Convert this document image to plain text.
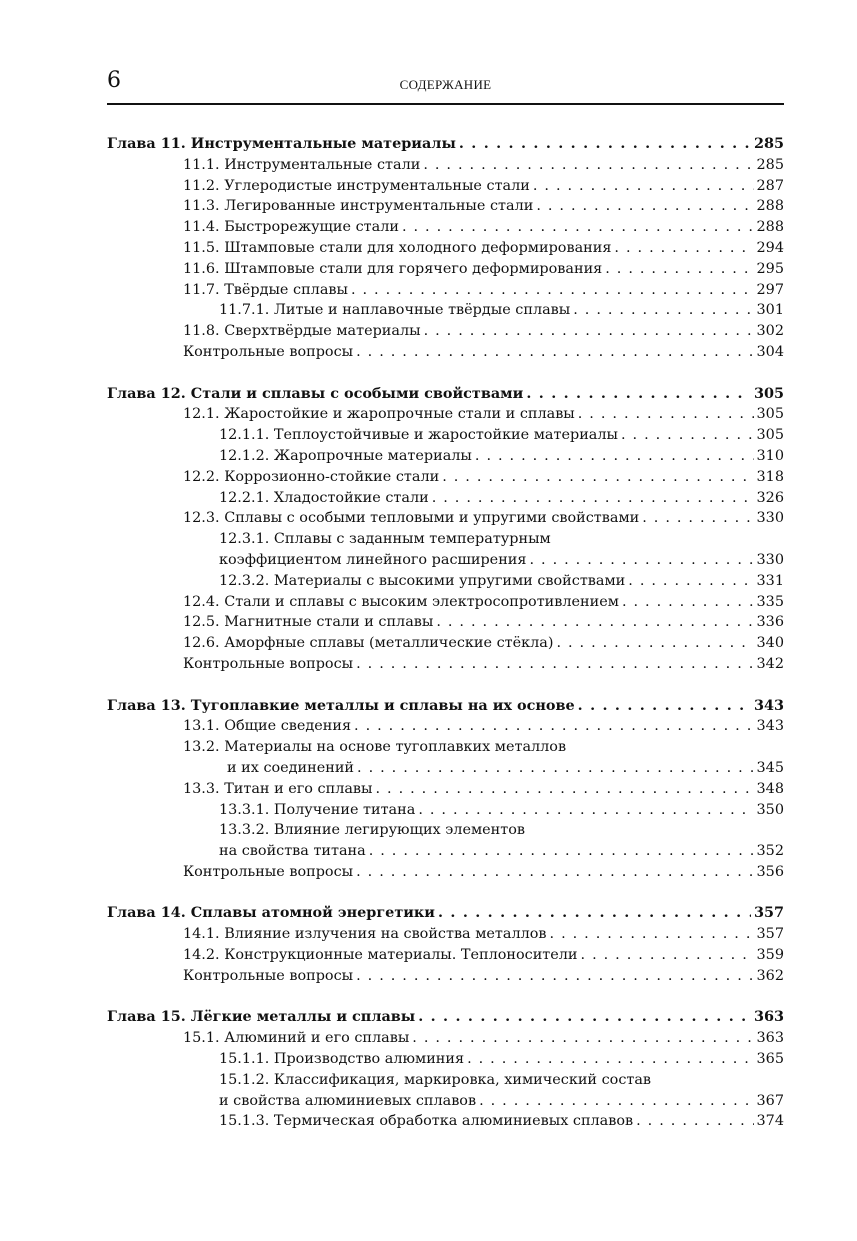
6	СОДЕРЖАНИЕ
Глава 11. Инструментальные материалы . . .	285
11.1. Инструментальные стали . . .	285
11.2. Углеродистые инструментальные стали . . .	287
11.3. Легированные инструментальные стали . . .	288
11.4. Быстрорежущие стали . . .	288
11.5. Штамповые стали для холодного деформирования . . .	294
11.6. Штамповые стали для горячего деформирования . . .	295
11.7. Твёрдые сплавы . . .	297
11.7.1. Литые и наплавочные твёрдые сплавы . . .	301
11.8. Сверхтвёрдые материалы . . .	302
Контрольные вопросы . . .	304
Глава 12. Стали и сплавы с особыми свойствами . . .	305
12.1. Жаростойкие и жаропрочные стали и сплавы . . .	305
12.1.1. Теплоустойчивые и жаростойкие материалы . . .	305
12.1.2. Жаропрочные материалы . . .	310
12.2. Коррозионно-стойкие стали . . .	318
12.2.1. Хладостойкие стали . . .	326
12.3. Сплавы с особыми тепловыми и упругими свойствами . . .	330
12.3.1. Сплавы с заданным температурным
коэффициентом линейного расширения . . .	330
12.3.2. Материалы с высокими упругими свойствами . . .	331
12.4. Стали и сплавы с высоким электросопротивлением . . .	335
12.5. Магнитные стали и сплавы . . .	336
12.6. Аморфные сплавы (металлические стёкла) . . .	340
Контрольные вопросы . . .	342
Глава 13. Тугоплавкие металлы и сплавы на их основе . . .	343
13.1. Общие сведения . . .	343
13.2. Материалы на основе тугоплавких металлов
и их соединений . . .	345
13.3. Титан и его сплавы . . .	348
13.3.1. Получение титана . . .	350
13.3.2. Влияние легирующих элементов
на свойства титана . . .	352
Контрольные вопросы . . .	356
Глава 14. Сплавы атомной энергетики . . .	357
14.1. Влияние излучения на свойства металлов . . .	357
14.2. Конструкционные материалы. Теплоносители . . .	359
Контрольные вопросы . . .	362
Глава 15. Лёгкие металлы и сплавы . . .	363
15.1. Алюминий и его сплавы . . .	363
15.1.1. Производство алюминия . . .	365
15.1.2. Классификация, маркировка, химический состав
и свойства алюминиевых сплавов . . .	367
15.1.3. Термическая обработка алюминиевых сплавов . . .	374
